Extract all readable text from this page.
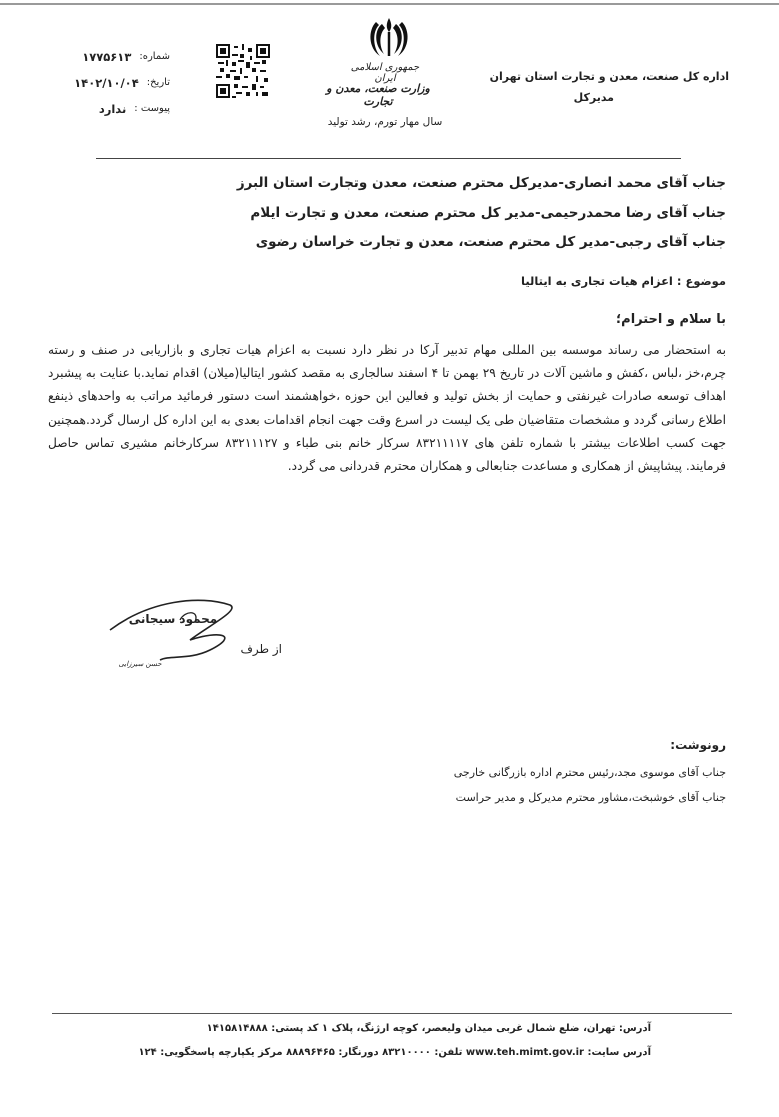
اداره کل صنعت، معدن و تجارت استان تهران
مدیرکل
جمهوری اسلامی ایران
وزارت صنعت، معدن و تجارت
سال مهار تورم، رشد تولید
شماره:
۱۷۷۵۶۱۳
تاریخ:
۱۴۰۲/۱۰/۰۴
پیوست :
ندارد
جناب آقای محمد انصاری-مدیرکل محترم صنعت، معدن وتجارت استان البرز
جناب آقای رضا محمدرحیمی-مدیر کل محترم صنعت، معدن و تجارت ایلام
جناب آقای رجبی-مدیر کل محترم صنعت، معدن و تجارت خراسان رضوی
موضوع : اعزام هیات تجاری به ایتالیا
با سلام و احترام؛
به استحضار می رساند موسسه بین المللی مهام تدبیر آرکا در نظر دارد نسبت به اعزام هیات تجاری و بازاریابی در صنف و رسته چرم،خز ،لباس ،کفش و ماشین آلات در تاریخ ۲۹ بهمن تا ۴ اسفند سالجاری به مقصد کشور ایتالیا(میلان) اقدام نماید.با عنایت به پیشبرد اهداف توسعه صادرات غیرنفتی و حمایت از بخش تولید و فعالین این حوزه ،خواهشمند است دستور فرمائید مراتب به واحدهای ذینفع اطلاع رسانی گردد و مشخصات متقاضیان طی یک لیست در اسرع وقت جهت انجام اقدامات بعدی به این اداره کل ارسال گردد.همچنین جهت کسب اطلاعات بیشتر با شماره تلفن های ۸۳۲۱۱۱۱۷ سرکار خانم بنی طباء و ۸۳۲۱۱۱۲۷ سرکارخانم مشیری تماس حاصل فرمایند. پیشاپیش از همکاری و مساعدت جنابعالی و همکاران محترم قدردانی می گردد.
محمود سیجانی
از طرف
حسن سیرزایی
رونوشت:
جناب آقای موسوی مجد،رئیس محترم اداره بازرگانی خارجی
جناب آقای خوشبخت،مشاور محترم مدیرکل و مدیر حراست
آدرس: تهران، ضلع شمال غربی میدان ولیعصر، کوچه ارژنگ، پلاک ۱ کد پستی: ۱۴۱۵۸۱۴۸۸۸
آدرس سایت: www.teh.mimt.gov.ir تلفن: ۸۳۲۱۰۰۰۰ دورنگار: ۸۸۸۹۶۴۶۵ مرکز یکپارچه پاسخگویی: ۱۲۴
